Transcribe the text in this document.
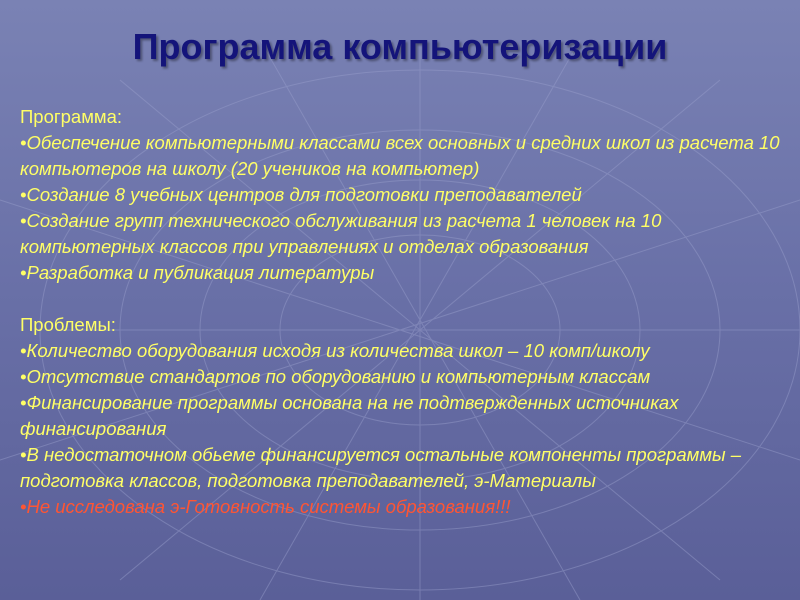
Программа компьютеризации
Программа:
•Обеспечение компьютерными классами всех основных и средних школ из расчета 10 компьютеров на школу (20 учеников на компьютер)
•Создание 8 учебных центров для подготовки преподавателей
•Создание групп технического обслуживания из расчета 1 человек на 10 компьютерных классов при управлениях и отделах образования
•Разработка и публикация литературы
Проблемы:
•Количество оборудования исходя из количества школ – 10 комп/школу
•Отсутствие стандартов по оборудованию и компьютерным классам
•Финансирование программы основана на не подтвержденных источниках финансирования
•В недостаточном обьеме финансируется остальные компоненты программы – подготовка классов, подготовка преподавателей, э-Материалы
•Не исследована э-Готовность системы образования!!!
